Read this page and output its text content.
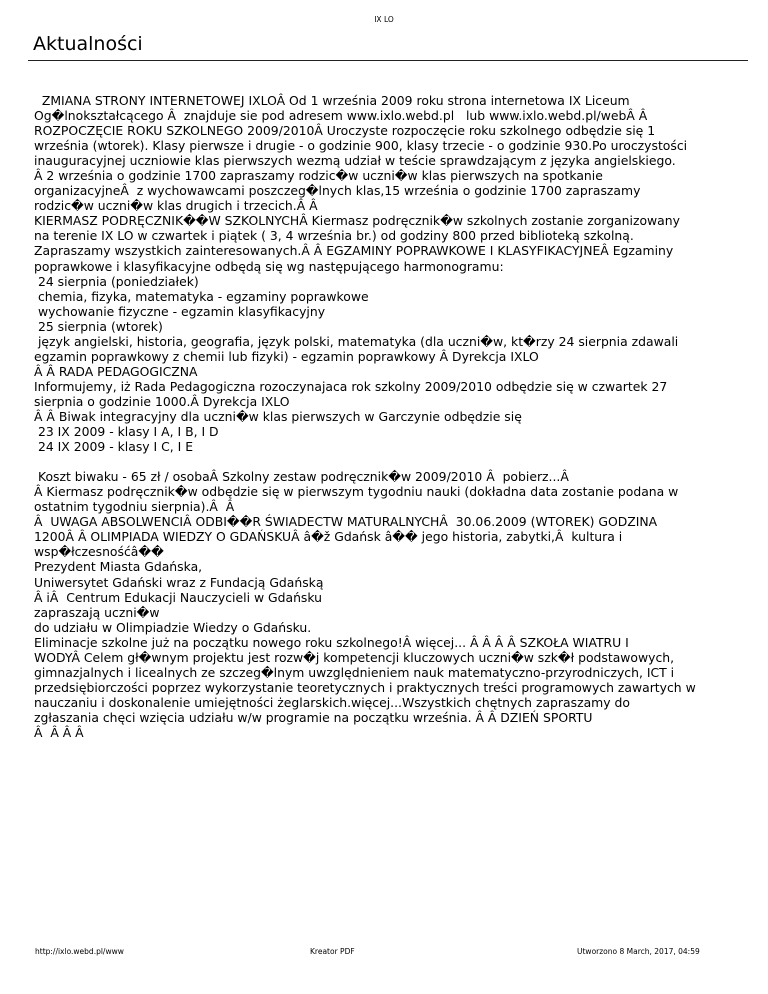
IX LO
Aktualności
ZMIANA STRONY INTERNETOWEJ IXLOÂ Od 1 września 2009 roku strona internetowa IX Liceum
Og�lnokształcącego Â  znajduje sie pod adresem www.ixlo.webd.pl   lub www.ixlo.webd.pl/webÂ Â
ROZPOCZĘCIE ROKU SZKOLNEGO 2009/2010Â Uroczyste rozpoczęcie roku szkolnego odbędzie się 1
września (wtorek). Klasy pierwsze i drugie - o godzinie 900, klasy trzecie - o godzinie 930.Po uroczystości
inauguracyjnej uczniowie klas pierwszych wezmą udział w teście sprawdzającym z języka angielskiego.
Â 2 września o godzinie 1700 zapraszamy rodzic�w uczni�w klas pierwszych na spotkanie
organizacyjneÂ  z wychowawcami poszczeg�lnych klas,15 września o godzinie 1700 zapraszamy
rodzic�w uczni�w klas drugich i trzecich.Â Â
KIERMASZ PODRĘCZNIK��W SZKOLNYCHÂ Kiermasz podręcznik�w szkolnych zostanie zorganizowany
na terenie IX LO w czwartek i piątek ( 3, 4 września br.) od godziny 800 przed biblioteką szkolną.
Zapraszamy wszystkich zainteresowanych.Â Â EGZAMINY POPRAWKOWE I KLASYFIKACYJNEÂ Egzaminy
poprawkowe i klasyfikacyjne odbędą się wg następującego harmonogramu:
24 sierpnia (poniedziałek)
chemia, fizyka, matematyka - egzaminy poprawkowe
wychowanie fizyczne - egzamin klasyfikacyjny
25 sierpnia (wtorek)
język angielski, historia, geografia, język polski, matematyka (dla uczni�w, kt�rzy 24 sierpnia zdawali
egzamin poprawkowy z chemii lub fizyki) - egzamin poprawkowy Â Dyrekcja IXLO
Â Â RADA PEDAGOGICZNA
Informujemy, iż Rada Pedagogiczna rozoczynajaca rok szkolny 2009/2010 odbędzie się w czwartek 27
sierpnia o godzinie 1000.Â Dyrekcja IXLO
Â Â Biwak integracyjny dla uczni�w klas pierwszych w Garczynie odbędzie się
23 IX 2009 - klasy I A, I B, I D
24 IX 2009 - klasy I C, I E
Koszt biwaku - 65 zł / osobaÂ Szkolny zestaw podręcznik�w 2009/2010 Â  pobierz...Â
Â Kiermasz podręcznik�w odbędzie się w pierwszym tygodniu nauki (dokładna data zostanie podana w
ostatnim tygodniu sierpnia).Â  Â
Â  UWAGA ABSOLWENCIÂ ODBI��R ŚWIADECTW MATURALNYCHÂ  30.06.2009 (WTOREK) GODZINA
1200Â Â OLIMPIADA WIEDZY O GDAŃSKUÂ â�ž Gdańsk â�� jego historia, zabytki,Â  kultura i
wsp�łczesnośćâ��
Prezydent Miasta Gdańska,
Uniwersytet Gdański wraz z Fundacją Gdańską
Â iÂ  Centrum Edukacji Nauczycieli w Gdańsku
zapraszają uczni�w
do udziału w Olimpiadzie Wiedzy o Gdańsku.
Eliminacje szkolne już na początku nowego roku szkolnego!Â więcej... Â Â Â Â SZKOŁA WIATRU I
WODYÂ Celem gł�wnym projektu jest rozw�j kompetencji kluczowych uczni�w szk�ł podstawowych,
gimnazjalnych i licealnych ze szczeg�lnym uwzględnieniem nauk matematyczno-przyrodniczych, ICT i
przedsiębiorczości poprzez wykorzystanie teoretycznych i praktycznych treści programowych zawartych w
nauczaniu i doskonalenie umiejętności żeglarskich.więcej...Wszystkich chętnych zapraszamy do
zgłaszania chęci wzięcia udziału w/w programie na początku września. Â Â DZIEŃ SPORTU
Â  Â Â Â
http://ixlo.webd.pl/www	Kreator PDF	Utworzono 8 March, 2017, 04:59
